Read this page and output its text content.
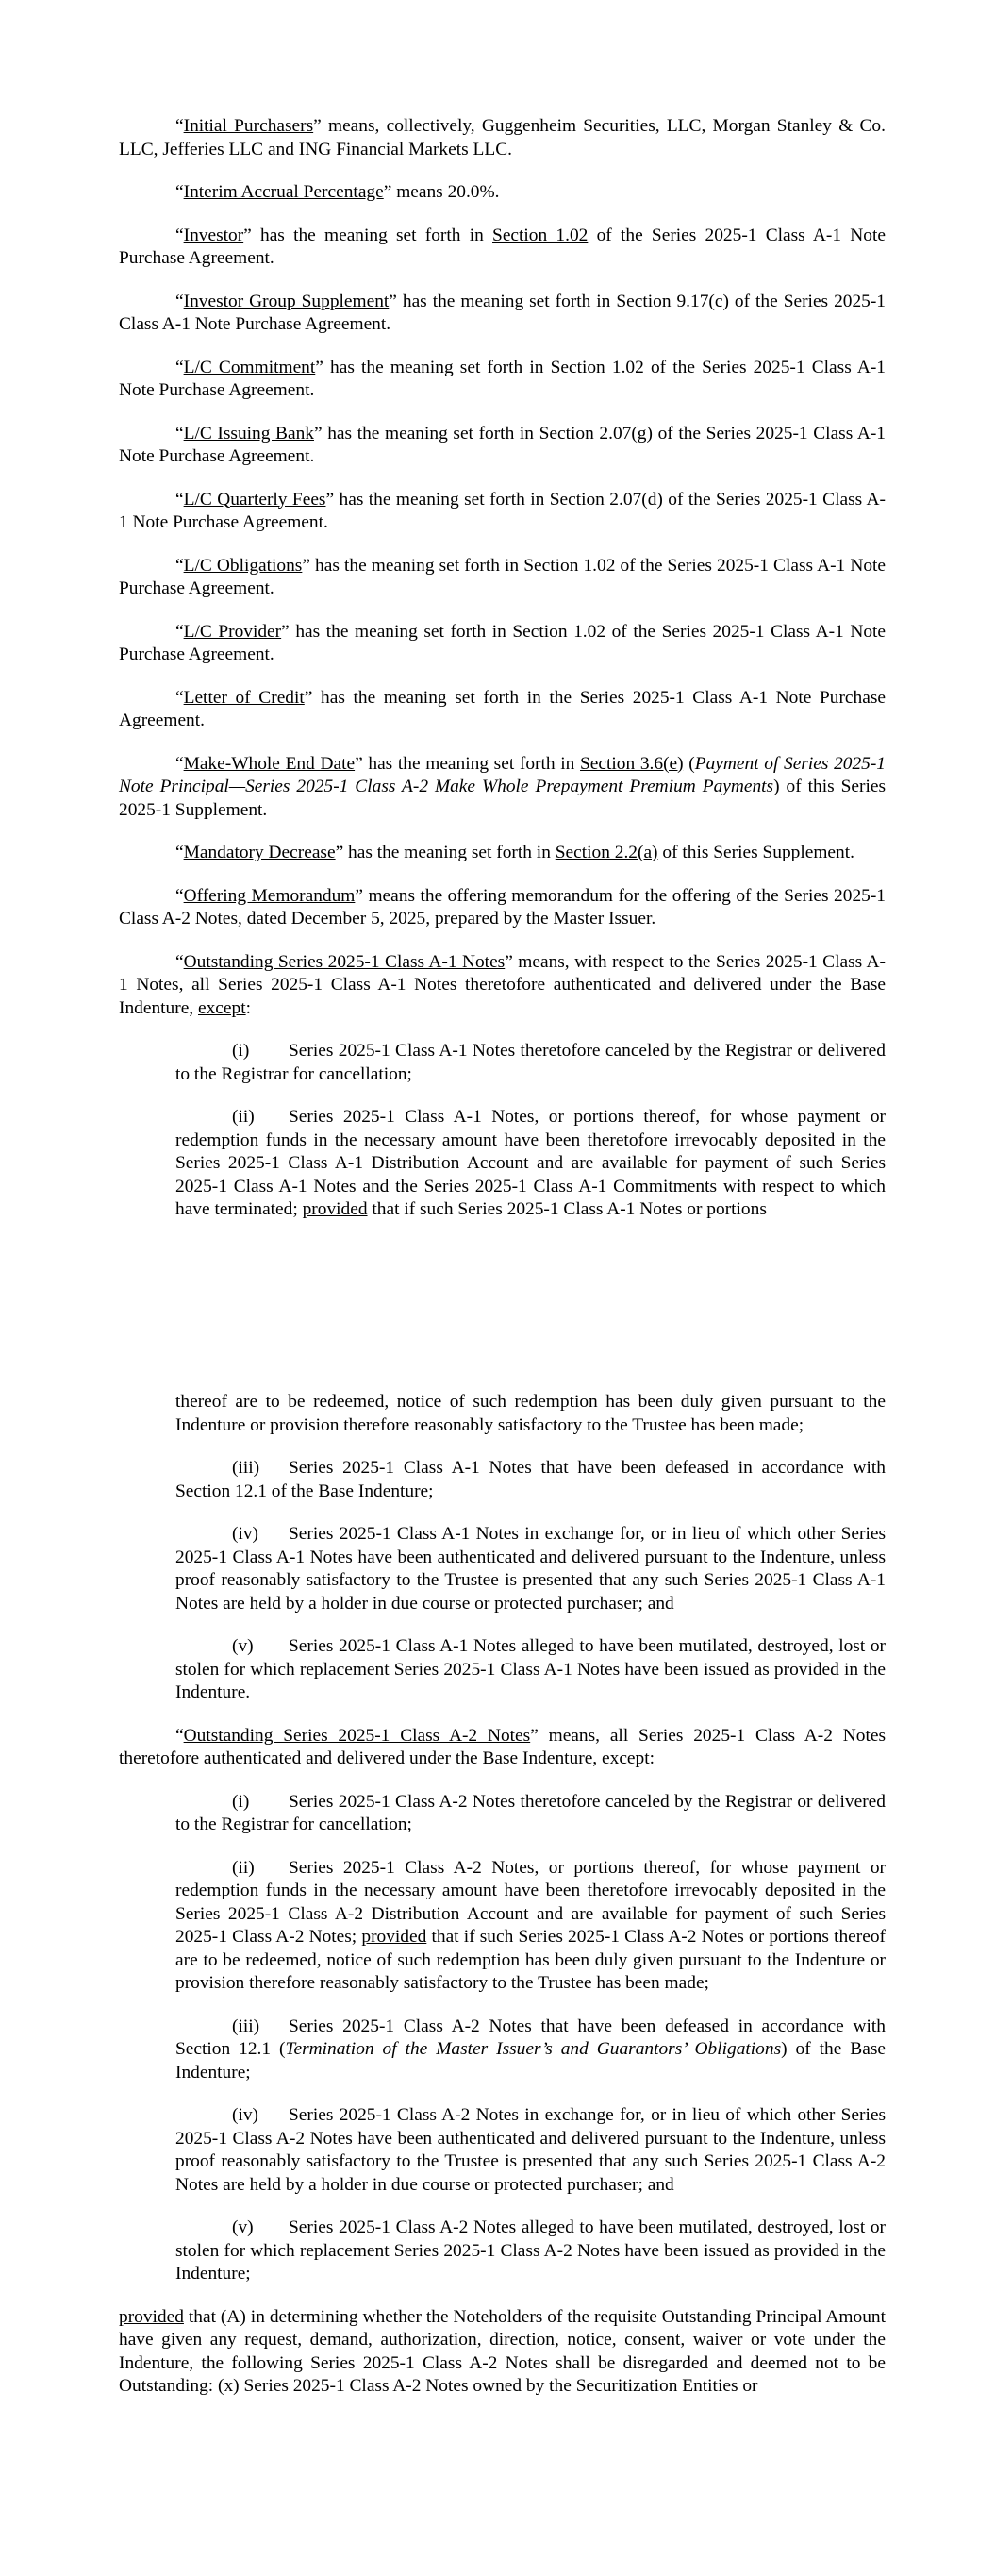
“Initial Purchasers” means, collectively, Guggenheim Securities, LLC, Morgan Stanley & Co. LLC, Jefferies LLC and ING Financial Markets LLC.

“Interim Accrual Percentage” means 20.0%.

“Investor” has the meaning set forth in Section 1.02 of the Series 2025-1 Class A-1 Note Purchase Agreement.

“Investor Group Supplement” has the meaning set forth in Section 9.17(c) of the Series 2025-1 Class A-1 Note Purchase Agreement.

“L/C Commitment” has the meaning set forth in Section 1.02 of the Series 2025-1 Class A-1 Note Purchase Agreement.

“L/C Issuing Bank” has the meaning set forth in Section 2.07(g) of the Series 2025-1 Class A-1 Note Purchase Agreement.

“L/C Quarterly Fees” has the meaning set forth in Section 2.07(d) of the Series 2025-1 Class A-1 Note Purchase Agreement.

“L/C Obligations” has the meaning set forth in Section 1.02 of the Series 2025-1 Class A-1 Note Purchase Agreement.

“L/C Provider” has the meaning set forth in Section 1.02 of the Series 2025-1 Class A-1 Note Purchase Agreement.

“Letter of Credit” has the meaning set forth in the Series 2025-1 Class A-1 Note Purchase Agreement.

“Make-Whole End Date” has the meaning set forth in Section 3.6(e) (Payment of Series 2025-1 Note Principal—Series 2025-1 Class A-2 Make Whole Prepayment Premium Payments) of this Series 2025-1 Supplement.

“Mandatory Decrease” has the meaning set forth in Section 2.2(a) of this Series Supplement.

“Offering Memorandum” means the offering memorandum for the offering of the Series 2025-1 Class A-2 Notes, dated December 5, 2025, prepared by the Master Issuer.

“Outstanding Series 2025-1 Class A-1 Notes” means, with respect to the Series 2025-1 Class A-1 Notes, all Series 2025-1 Class A-1 Notes theretofore authenticated and delivered under the Base Indenture, except:

(i) Series 2025-1 Class A-1 Notes theretofore canceled by the Registrar or delivered to the Registrar for cancellation;

(ii) Series 2025-1 Class A-1 Notes, or portions thereof, for whose payment or redemption funds in the necessary amount have been theretofore irrevocably deposited in the Series 2025-1 Class A-1 Distribution Account and are available for payment of such Series 2025-1 Class A-1 Notes and the Series 2025-1 Class A-1 Commitments with respect to which have terminated; provided that if such Series 2025-1 Class A-1 Notes or portions

thereof are to be redeemed, notice of such redemption has been duly given pursuant to the Indenture or provision therefore reasonably satisfactory to the Trustee has been made;

(iii) Series 2025-1 Class A-1 Notes that have been defeased in accordance with Section 12.1 of the Base Indenture;

(iv) Series 2025-1 Class A-1 Notes in exchange for, or in lieu of which other Series 2025-1 Class A-1 Notes have been authenticated and delivered pursuant to the Indenture, unless proof reasonably satisfactory to the Trustee is presented that any such Series 2025-1 Class A-1 Notes are held by a holder in due course or protected purchaser; and

(v) Series 2025-1 Class A-1 Notes alleged to have been mutilated, destroyed, lost or stolen for which replacement Series 2025-1 Class A-1 Notes have been issued as provided in the Indenture.

“Outstanding Series 2025-1 Class A-2 Notes” means, all Series 2025-1 Class A-2 Notes theretofore authenticated and delivered under the Base Indenture, except:

(i) Series 2025-1 Class A-2 Notes theretofore canceled by the Registrar or delivered to the Registrar for cancellation;

(ii) Series 2025-1 Class A-2 Notes, or portions thereof, for whose payment or redemption funds in the necessary amount have been theretofore irrevocably deposited in the Series 2025-1 Class A-2 Distribution Account and are available for payment of such Series 2025-1 Class A-2 Notes; provided that if such Series 2025-1 Class A-2 Notes or portions thereof are to be redeemed, notice of such redemption has been duly given pursuant to the Indenture or provision therefore reasonably satisfactory to the Trustee has been made;

(iii) Series 2025-1 Class A-2 Notes that have been defeased in accordance with Section 12.1 (Termination of the Master Issuer’s and Guarantors’ Obligations) of the Base Indenture;

(iv) Series 2025-1 Class A-2 Notes in exchange for, or in lieu of which other Series 2025-1 Class A-2 Notes have been authenticated and delivered pursuant to the Indenture, unless proof reasonably satisfactory to the Trustee is presented that any such Series 2025-1 Class A-2 Notes are held by a holder in due course or protected purchaser; and

(v) Series 2025-1 Class A-2 Notes alleged to have been mutilated, destroyed, lost or stolen for which replacement Series 2025-1 Class A-2 Notes have been issued as provided in the Indenture;

provided that (A) in determining whether the Noteholders of the requisite Outstanding Principal Amount have given any request, demand, authorization, direction, notice, consent, waiver or vote under the Indenture, the following Series 2025-1 Class A-2 Notes shall be disregarded and deemed not to be Outstanding: (x) Series 2025-1 Class A-2 Notes owned by the Securitization Entities or
